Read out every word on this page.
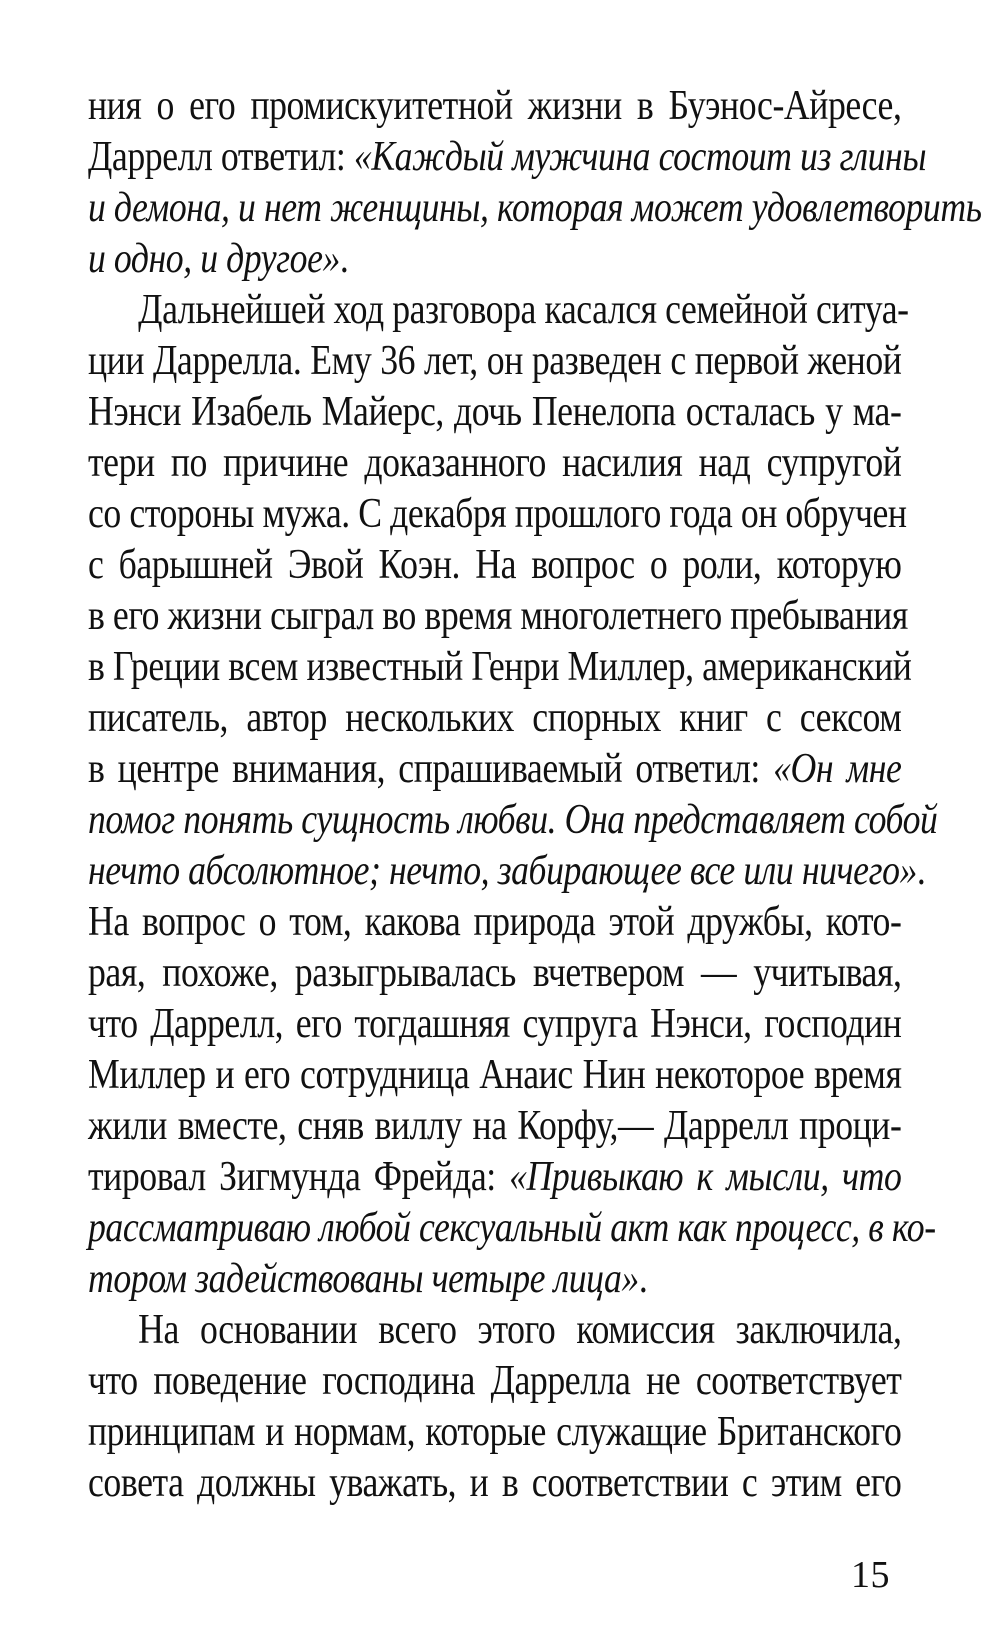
ния о его промискуитетной жизни в Буэнос-Айресе,
Даррелл ответил: «Каждый мужчина состоит из глины
и демона, и нет женщины, которая может удовлетворить
и одно, и другое».
Дальнейшей ход разговора касался семейной ситуа-
ции Даррелла. Ему 36 лет, он разведен с первой женой
Нэнси Изабель Майерс, дочь Пенелопа осталась у ма-
тери по причине доказанного насилия над супругой
со стороны мужа. С декабря прошлого года он обручен
с барышней Эвой Коэн. На вопрос о роли, которую
в его жизни сыграл во время многолетнего пребывания
в Греции всем известный Генри Миллер, американский
писатель, автор нескольких спорных книг с сексом
в центре внимания, спрашиваемый ответил: «Он мне
помог понять сущность любви. Она представляет собой
нечто абсолютное; нечто, забирающее все или ничего».
На вопрос о том, какова природа этой дружбы, кото-
рая, похоже, разыгрывалась вчетвером — учитывая,
что Даррелл, его тогдашняя супруга Нэнси, господин
Миллер и его сотрудница Анаис Нин некоторое время
жили вместе, сняв виллу на Корфу,— Даррелл проци-
тировал Зигмунда Фрейда: «Привыкаю к мысли, что
рассматриваю любой сексуальный акт как процесс, в ко-
тором задействованы четыре лица».
На основании всего этого комиссия заключила,
что поведение господина Даррелла не соответствует
принципам и нормам, которые служащие Британского
совета должны уважать, и в соответствии с этим его
15
